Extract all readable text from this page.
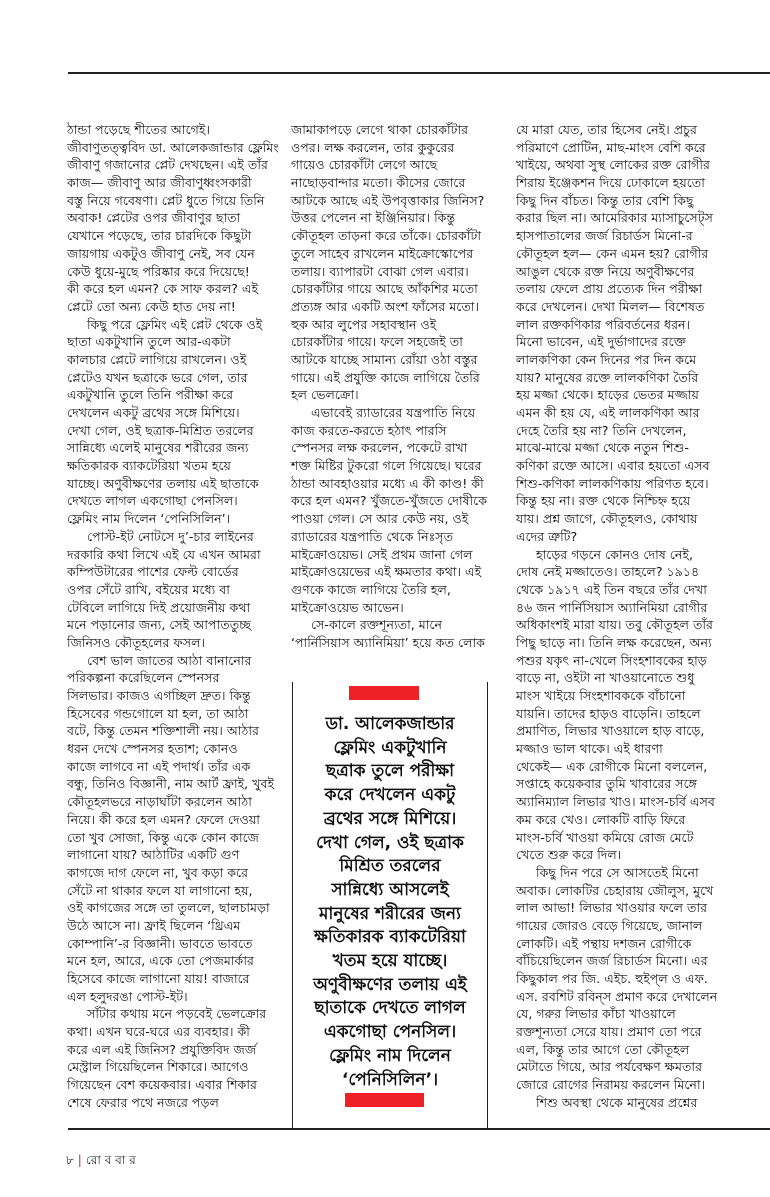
ঠান্ডা পড়েছে শীতের আগেই।
জীবাণুতত্ত্ববিদ ডা. আলেকজান্ডার ফ্লেমিং
জীবাণু গজানোর প্লেট দেখছেন। এই তাঁর
কাজ— জীবাণু আর জীবাণুধ্বংসকারী
বস্তু নিয়ে গবেষণা। প্লেট ধুতে গিয়ে তিনি
অবাক! প্লেটের ওপর জীবাণুর ছাতা
যেখানে পড়েছে, তার চারদিকে কিছুটা
জায়গায় একটুও জীবাণু নেই, সব যেন
কেউ ধুয়ে-মুছে পরিষ্কার করে দিয়েছে!
কী করে হল এমন? কে সাফ করল? এই
প্লেটে তো অন্য কেউ হাত দেয় না!
কিছু পরে ফ্লেমিং এই প্লেট থেকে ওই
ছাতা একটুখানি তুলে আর-একটা
কালচার প্লেটে লাগিয়ে রাখলেন। ওই
প্লেটেও যখন ছত্রাকে ভরে গেল, তার
একটুখানি তুলে তিনি পরীক্ষা করে
দেখলেন একটু ব্রথের সঙ্গে মিশিয়ে।
দেখা গেল, ওই ছত্রাক-মিশ্রিত তরলের
সান্নিধ্যে এলেই মানুষের শরীরের জন্য
ক্ষতিকারক ব্যাকটেরিয়া খতম হয়ে
যাচ্ছে। অণুবীক্ষণের তলায় এই ছাতাকে
দেখতে লাগল একগোছা পেনসিল।
ফ্লেমিং নাম দিলেন ‘পেনিসিলিন’।
পোস্ট-ইট নোটসে দু’-চার লাইনের
দরকারি কথা লিখে এই যে এখন আমরা
কম্পিউটারের পাশের ফেল্ট বোর্ডের
ওপর সেঁটে রাখি, বইয়ের মধ্যে বা
টেবিলে লাগিয়ে দিই প্রয়োজনীয় কথা
মনে পড়ানোর জন্য, সেই আপাততুচ্ছ
জিনিসও কৌতূহলের ফসল।
বেশ ভাল জাতের আঠা বানানোর
পরিকল্পনা করেছিলেন স্পেনসর
সিলভার। কাজও এগচ্ছিল দ্রুত। কিন্তু
হিসেবের গন্ডগোলে যা হল, তা আঠা
বটে, কিন্তু তেমন শক্তিশালী নয়। আঠার
ধরন দেখে স্পেনসর হতাশ; কোনও
কাজে লাগবে না এই পদার্থ। তাঁর এক
বন্ধু, তিনিও বিজ্ঞানী, নাম আর্ট ফ্রাই, খুবই
কৌতূহলভরে নাড়াঘাঁটা করলেন আঠা
নিয়ে। কী করে হল এমন? ফেলে দেওয়া
তো খুব সোজা, কিন্তু একে কোন কাজে
লাগানো যায়? আঠাটির একটি গুণ
কাগজে দাগ ফেলে না, খুব কড়া করে
সেঁটে না থাকার ফলে যা লাগানো হয়,
ওই কাগজের সঙ্গে তা তুললে, ছালচামড়া
উঠে আসে না। ফ্রাই ছিলেন ‘থ্রিএম
কোম্পানি’-র বিজ্ঞানী। ভাবতে ভাবতে
মনে হল, আরে, একে তো পেজমার্কার
হিসেবে কাজে লাগানো যায়! বাজারে
এল হলুদরঙা পোস্ট-ইট।
সাঁটার কথায় মনে পড়বেই ভেলক্রোর
কথা। এখন ঘরে-ঘরে এর ব্যবহার। কী
করে এল এই জিনিস? প্রযুক্তিবিদ জর্জ
মেস্ট্রাল গিয়েছিলেন শিকারে। আগেও
গিয়েছেন বেশ কয়েকবার। এবার শিকার
শেষে ফেরার পথে নজরে পড়ল
জামাকাপড়ে লেগে থাকা চোরকাঁটার
ওপর। লক্ষ করলেন, তার কুকুরের
গায়েও চোরকাঁটা লেগে আছে
নাছোড়বান্দার মতো। কীসের জোরে
আটকে আছে এই উপবৃত্তাকার জিনিস?
উত্তর পেলেন না ইঞ্জিনিয়ার। কিন্তু
কৌতূহল তাড়না করে তাঁকে। চোরকাঁটা
তুলে সাহেব রাখলেন মাইক্রোস্কোপের
তলায়। ব্যাপারটা বোঝা গেল এবার।
চোরকাঁটার গায়ে আছে আঁকশির মতো
প্রত্যঙ্গ আর একটি অংশ ফাঁসের মতো।
হুক আর লুপের সহাবস্থান ওই
চোরকাঁটার গায়ে। ফলে সহজেই তা
আটকে যাচ্ছে সামান্য রোঁয়া ওঠা বস্তুর
গায়ে। এই প্রযুক্তি কাজে লাগিয়ে তৈরি
হল ভেলক্রো।
এভাবেই র‍্যাডারের যন্ত্রপাতি নিয়ে
কাজ করতে-করতে হঠাৎ পারসি
স্পেনসর লক্ষ করলেন, পকেটে রাখা
শক্ত মিষ্টির টুকরো গলে গিয়েছে। ঘরের
ঠান্ডা আবহাওয়ার মধ্যে এ কী কাণ্ড! কী
করে হল এমন? খুঁজতে-খুঁজতে দোষীকে
পাওয়া গেল। সে আর কেউ নয়, ওই
র‍্যাডারের যন্ত্রপাতি থেকে নিঃসৃত
মাইক্রোওয়েভ। সেই প্রথম জানা গেল
মাইক্রোওয়েভের এই ক্ষমতার কথা। এই
গুণকে কাজে লাগিয়ে তৈরি হল,
মাইক্রোওয়েভ আভেন।
সে-কালে রক্তশূন্যতা, মানে
‘পার্নিসিয়াস অ্যানিমিয়া’ হয়ে কত লোক
যে মারা যেত, তার হিসেব নেই। প্রচুর
পরিমাণে প্রোটিন, মাছ-মাংস বেশি করে
খাইয়ে, অথবা সুস্থ লোকের রক্ত রোগীর
শিরায় ইঞ্জেকশন দিয়ে ঢোকালে হয়তো
কিছু দিন বাঁচত। কিন্তু তার বেশি কিছু
করার ছিল না। আমেরিকার ম্যাসাচুসেট্‌স
হাসপাতালের জর্জ রিচার্ডস মিনো-র
কৌতূহল হল— কেন এমন হয়? রোগীর
আঙুল থেকে রক্ত নিয়ে অণুবীক্ষণের
তলায় ফেলে প্রায় প্রত্যেক দিন পরীক্ষা
করে দেখলেন। দেখা মিলল— বিশেষত
লাল রক্তকণিকার পরিবর্তনের ধরন।
মিনো ভাবেন, এই দুর্ভাগাদের রক্তে
লালকণিকা কেন দিনের পর দিন কমে
যায়? মানুষের রক্তে লালকণিকা তৈরি
হয় মজ্জা থেকে। হাড়ের ভেতর মজ্জায়
এমন কী হয় যে, এই লালকণিকা আর
দেহে তৈরি হয় না? তিনি দেখলেন,
মাঝে-মাঝে মজ্জা থেকে নতুন শিশু-
কণিকা রক্তে আসে। এবার হয়তো এসব
শিশু-কণিকা লালকণিকায় পরিণত হবে।
কিন্তু হয় না। রক্ত থেকে নিশ্চিহ্ন হয়ে
যায়। প্রশ্ন জাগে, কৌতূহলও, কোথায়
এদের ত্রুটি?
হাড়ের গড়নে কোনও দোষ নেই,
দোষ নেই মজ্জাতেও। তাহলে? ১৯১৪
থেকে ১৯১৭ এই তিন বছরে তাঁর দেখা
৪৬ জন পার্নিসিয়াস অ্যানিমিয়া রোগীর
অধিকাংশই মারা যায়। তবু কৌতূহল তাঁর
পিছু ছাড়ে না। তিনি লক্ষ করেছেন, অন্য
পশুর যকৃৎ না-খেলে সিংহশাবকের হাড়
বাড়ে না, ওইটা না খাওয়ানোতে শুধু
মাংস খাইয়ে সিংহশাবককে বাঁচানো
যায়নি। তাদের হাড়ও বাড়েনি। তাহলে
প্রমাণিত, লিভার খাওয়ালে হাড় বাড়ে,
মজ্জাও ভাল থাকে। এই ধারণা
থেকেই— এক রোগীকে মিনো বললেন,
সপ্তাহে কয়েকবার তুমি খাবারের সঙ্গে
অ্যানিম্যাল লিভার খাও। মাংস-চর্বি এসব
কম করে খেও। লোকটি বাড়ি ফিরে
মাংস-চর্বি খাওয়া কমিয়ে রোজ মেটে
খেতে শুরু করে দিল।
কিছু দিন পরে সে আসতেই মিনো
অবাক। লোকটির চেহারায় জৌলুস, মুখে
লাল আভা! লিভার খাওয়ার ফলে তার
গায়ের জোরও বেড়ে গিয়েছে, জানাল
লোকটি। এই পন্থায় দশজন রোগীকে
বাঁচিয়েছিলেন জর্জ রিচার্ডস মিনো। এর
কিছুকাল পর জি. এইচ. হুইপ্‌ল ও এফ.
এস. রবশিট রবিন্‌স প্রমাণ করে দেখালেন
যে, গরুর লিভার কাঁচা খাওয়ালে
রক্তশূন্যতা সেরে যায়। প্রমাণ তো পরে
এল, কিন্তু তার আগে তো কৌতূহল
মেটাতে গিয়ে, আর পর্যবেক্ষণ ক্ষমতার
জোরে রোগের নিরাময় করলেন মিনো।
শিশু অবস্থা থেকে মানুষের প্রশ্নের
ডা. আলেকজান্ডার
ফ্লেমিং একটুখানি
ছত্রাক তুলে পরীক্ষা
করে দেখলেন একটু
ব্রথের সঙ্গে মিশিয়ে।
দেখা গেল, ওই ছত্রাক
মিশ্রিত তরলের
সান্নিধ্যে আসলেই
মানুষের শরীরের জন্য
ক্ষতিকারক ব্যাকটেরিয়া
খতম হয়ে যাচ্ছে।
অণুবীক্ষণের তলায় এই
ছাতাকে দেখতে লাগল
একগোছা পেনসিল।
ফ্লেমিং নাম দিলেন
‘পেনিসিলিন’।
৮ | রো ব বা র
